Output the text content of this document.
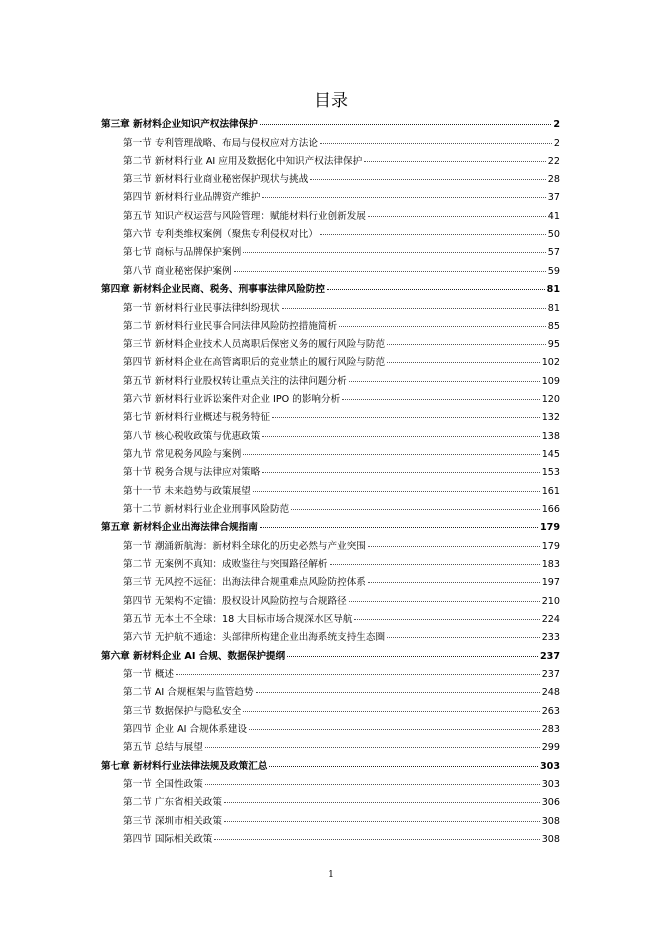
目录
第三章 新材料企业知识产权法律保护	2
第一节 专利管理战略、布局与侵权应对方法论	2
第二节 新材料行业 AI 应用及数据化中知识产权法律保护	22
第三节 新材料行业商业秘密保护现状与挑战	28
第四节 新材料行业品牌资产维护	37
第五节 知识产权运营与风险管理：赋能材料行业创新发展	41
第六节 专利类维权案例（聚焦专利侵权对比）	50
第七节 商标与品牌保护案例	57
第八节 商业秘密保护案例	59
第四章 新材料企业民商、税务、刑事事法律风险防控	81
第一节 新材料行业民事法律纠纷现状	81
第二节 新材料行业民事合同法律风险防控措施简析	85
第三节 新材料企业技术人员离职后保密义务的履行风险与防范	95
第四节 新材料企业在高管离职后的竞业禁止的履行风险与防范	102
第五节 新材料行业股权转让重点关注的法律问题分析	109
第六节 新材料行业诉讼案件对企业 IPO 的影响分析	120
第七节 新材料行业概述与税务特征	132
第八节 核心税收政策与优惠政策	138
第九节 常见税务风险与案例	145
第十节 税务合规与法律应对策略	153
第十一节 未来趋势与政策展望	161
第十二节 新材料行业企业刑事风险防范	166
第五章 新材料企业出海法律合规指南	179
第一节 潮涌新航海：新材料全球化的历史必然与产业突围	179
第二节 无案例不真知：成败鉴往与突围路径解析	183
第三节 无风控不远征：出海法律合规重难点风险防控体系	197
第四节 无架构不定锚：股权设计风险防控与合规路径	210
第五节 无本土不全球：18 大目标市场合规深水区导航	224
第六节 无护航不通途：头部律所构建企业出海系统支持生态圈	233
第六章 新材料企业 AI 合规、数据保护提纲	237
第一节 概述	237
第二节 AI 合规框架与监管趋势	248
第三节 数据保护与隐私安全	263
第四节 企业 AI 合规体系建设	283
第五节 总结与展望	299
第七章 新材料行业法律法规及政策汇总	303
第一节 全国性政策	303
第二节 广东省相关政策	306
第三节 深圳市相关政策	308
第四节 国际相关政策	308
1
